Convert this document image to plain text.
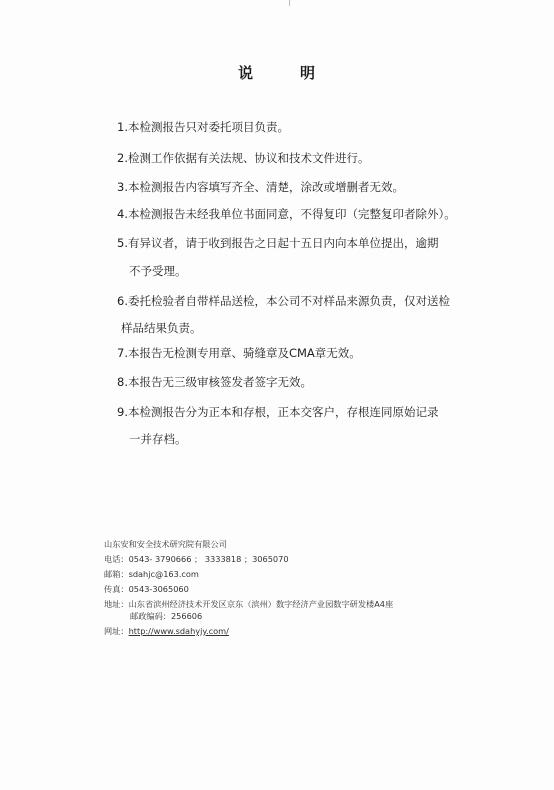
说	明
1.本检测报告只对委托项目负责。
2.检测工作依据有关法规、协议和技术文件进行。
3.本检测报告内容填写齐全、清楚，涂改或增删者无效。
4.本检测报告未经我单位书面同意，不得复印（完整复印者除外）。
5.有异议者，请于收到报告之日起十五日内向本单位提出，逾期
不予受理。
6.委托检验者自带样品送检，本公司不对样品来源负责，仅对送检
样品结果负责。
7.本报告无检测专用章、骑缝章及CMA章无效。
8.本报告无三级审核签发者签字无效。
9.本检测报告分为正本和存根，正本交客户，存根连同原始记录
一并存档。
山东安和安全技术研究院有限公司
电话：0543- 3790666 ； 3333818 ；3065070
邮箱：sdahjc@163.com
传真：0543-3065060
地址：山东省滨州经济技术开发区京东（滨州）数字经济产业园数字研发楼A4座
邮政编码：256606
网址：http://www.sdahyjy.com/
